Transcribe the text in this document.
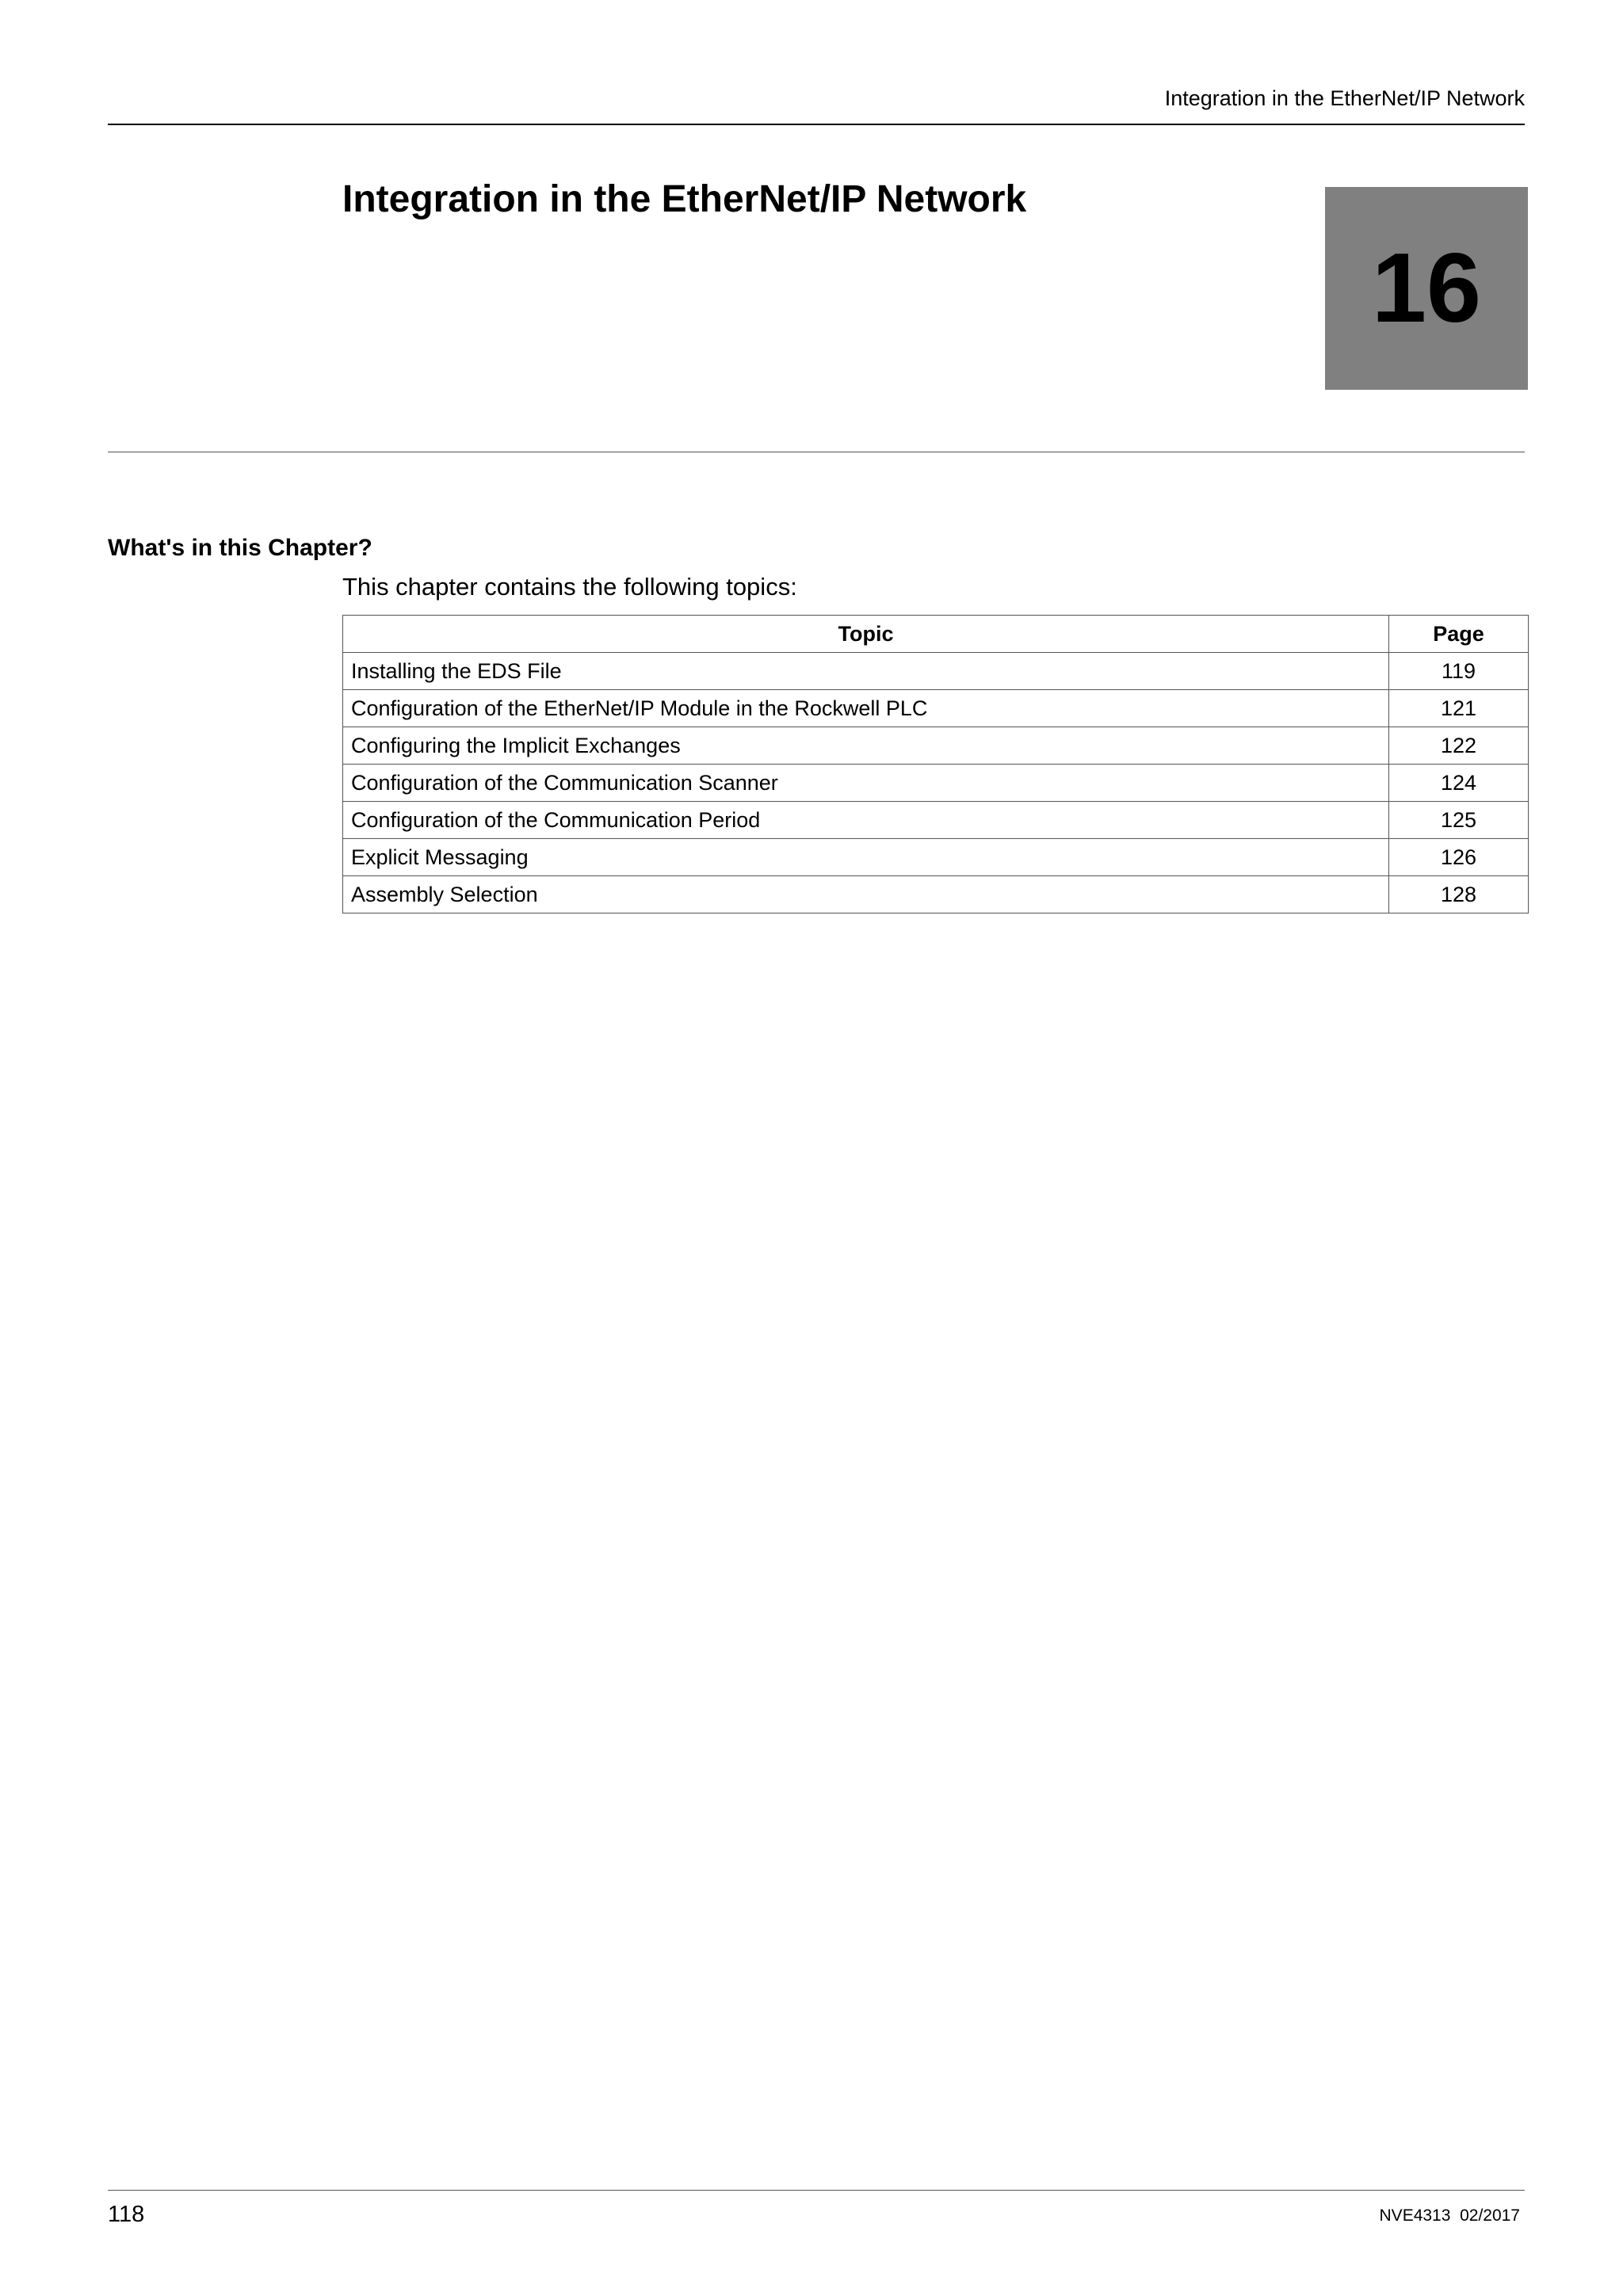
Integration in the EtherNet/IP Network
Integration in the EtherNet/IP Network
16
What's in this Chapter?
This chapter contains the following topics:
Topic	Page
Installing the EDS File	119
Configuration of the EtherNet/IP Module in the Rockwell PLC	121
Configuring the Implicit Exchanges	122
Configuration of the Communication Scanner	124
Configuration of the Communication Period	125
Explicit Messaging	126
Assembly Selection	128
118	NVE4313  02/2017
